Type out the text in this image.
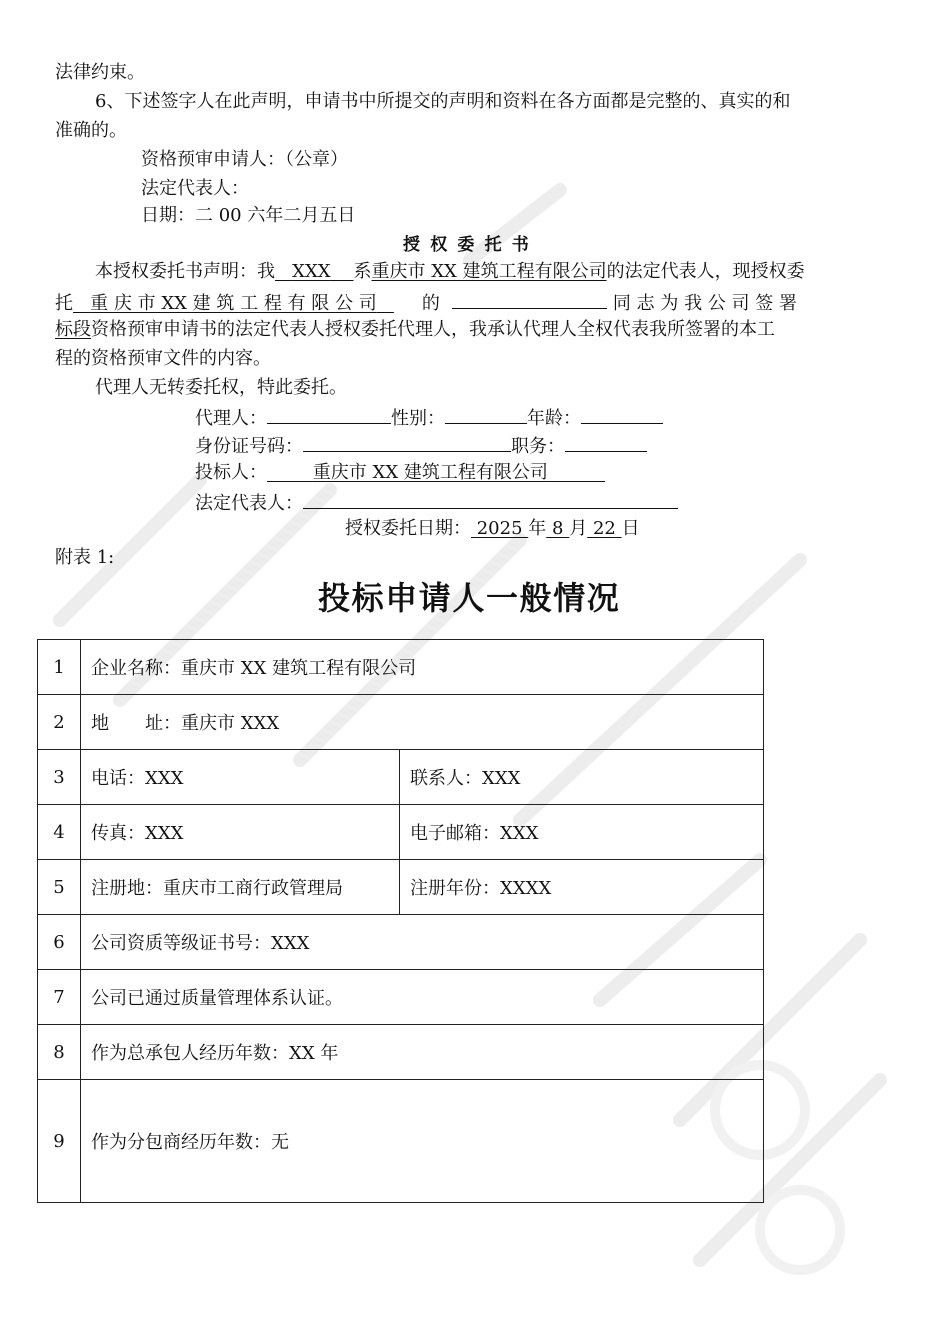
法律约束。
6、下述签字人在此声明，申请书中所提交的声明和资料在各方面都是完整的、真实的和
准确的。
资格预审申请人：（公章）
法定代表人：
日期：二 00 六年二月五日
授权委托书
本授权委托书声明：我 XXX 系重庆市 XX 建筑工程有限公司的法定代表人，现授权委
托 重 庆 市 XX 建 筑 工 程 有 限 公 司	的	同 志 为 我 公 司 签 署
标段资格预审申请书的法定代表人授权委托代理人，我承认代理人全权代表我所签署的本工
程的资格预审文件的内容。
代理人无转委托权，特此委托。
代理人：	性别：	年龄：
身份证号码：	职务：
投标人：	重庆市 XX 建筑工程有限公司
法定代表人：
授权委托日期： 2025 年 8 月 22 日
附表 1:
投标申请人一般情况
1	企业名称：重庆市 XX 建筑工程有限公司	
2	地　　址：重庆市 XXX	
3	电话：XXX	联系人：XXX
4	传真：XXX	电子邮箱：XXX
5	注册地：重庆市工商行政管理局	注册年份：XXXX
6	公司资质等级证书号：XXX	
7	公司已通过质量管理体系认证。	
8	作为总承包人经历年数：XX 年	
9	作为分包商经历年数：无	
